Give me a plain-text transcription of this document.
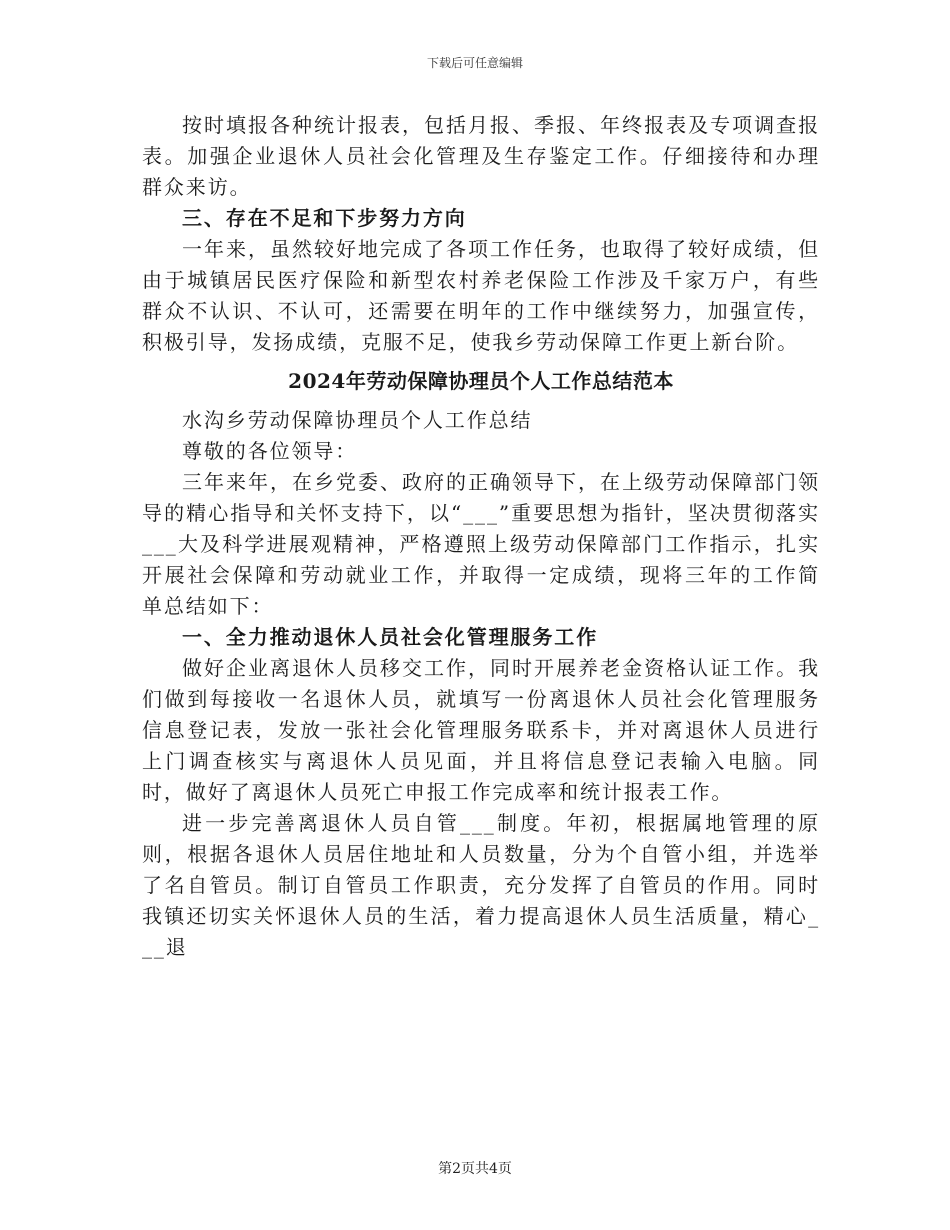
下载后可任意编辑

按时填报各种统计报表，包括月报、季报、年终报表及专项调查报表。加强企业退休人员社会化管理及生存鉴定工作。仔细接待和办理群众来访。

三、存在不足和下步努力方向

一年来，虽然较好地完成了各项工作任务，也取得了较好成绩，但由于城镇居民医疗保险和新型农村养老保险工作涉及千家万户，有些群众不认识、不认可，还需要在明年的工作中继续努力，加强宣传，积极引导，发扬成绩，克服不足，使我乡劳动保障工作更上新台阶。

2024年劳动保障协理员个人工作总结范本

水沟乡劳动保障协理员个人工作总结

尊敬的各位领导：

三年来年，在乡党委、政府的正确领导下，在上级劳动保障部门领导的精心指导和关怀支持下，以“___”重要思想为指针，坚决贯彻落实___大及科学进展观精神，严格遵照上级劳动保障部门工作指示，扎实开展社会保障和劳动就业工作，并取得一定成绩，现将三年的工作简单总结如下：

一、全力推动退休人员社会化管理服务工作

做好企业离退休人员移交工作，同时开展养老金资格认证工作。我们做到每接收一名退休人员，就填写一份离退休人员社会化管理服务信息登记表，发放一张社会化管理服务联系卡，并对离退休人员进行上门调查核实与离退休人员见面，并且将信息登记表输入电脑。同时，做好了离退休人员死亡申报工作完成率和统计报表工作。

进一步完善离退休人员自管___制度。年初，根据属地管理的原则，根据各退休人员居住地址和人员数量，分为个自管小组，并选举了名自管员。制订自管员工作职责，充分发挥了自管员的作用。同时我镇还切实关怀退休人员的生活，着力提高退休人员生活质量，精心___退

第2页共4页
